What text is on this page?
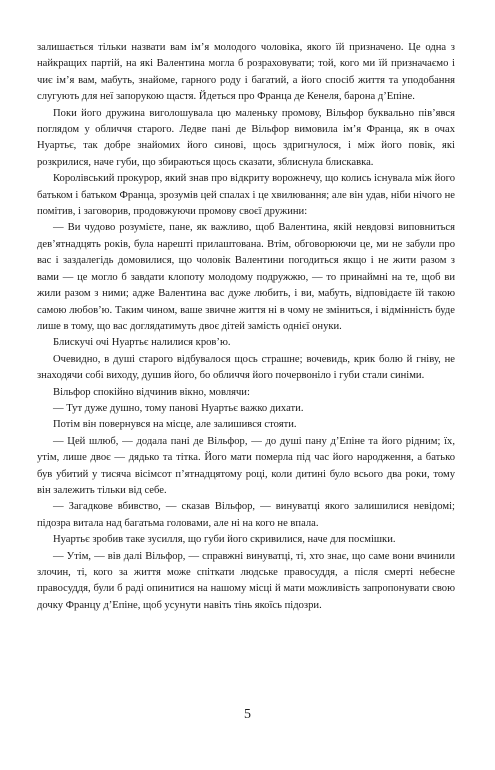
залишається тільки назвати вам ім’я молодого чоловіка, якого їй призначено. Це одна з найкращих партій, на які Валентина могла б розраховувати; той, кого ми їй призначаємо і чиє ім’я вам, мабуть, знайоме, гарного роду і багатий, а його спосіб життя та уподобання слугують для неї запорукою щастя. Йдеться про Франца де Кенеля, барона д’Епіне.

Поки його дружина виголошувала цю маленьку промову, Вільфор буквально пів’явся поглядом у обличчя старого. Ледве пані де Вільфор вимовила ім’я Франца, як в очах Нуартьє, так добре знайомих його синові, щось здригнулося, і між його повік, які розкрилися, наче губи, що збираються щось сказати, зблиснула блискавка.

Королівський прокурор, який знав про відкриту ворожнечу, що колись існувала між його батьком і батьком Франца, зрозумів цей спалах і це хвилювання; але він удав, ніби нічого не помітив, і заговорив, продовжуючи промову своєї дружини:

— Ви чудово розумієте, пане, як важливо, щоб Валентина, якій невдовзі виповниться дев’ятнадцять років, була нарешті прилаштована. Втім, обговорюючи це, ми не забули про вас і заздалегідь домовилися, що чоловік Валентини погодиться якщо і не жити разом з вами — це могло б завдати клопоту молодому подружжю, — то принаймні на те, щоб ви жили разом з ними; адже Валентина вас дуже любить, і ви, мабуть, відповідаєте їй такою самою любов’ю. Таким чином, ваше звичне життя ні в чому не зміниться, і відмінність буде лише в тому, що вас доглядатимуть двоє дітей замість однієї онуки.

Блискучі очі Нуартьє налилися кров’ю.

Очевидно, в душі старого відбувалося щось страшне; вочевидь, крик болю й гніву, не знаходячи собі виходу, душив його, бо обличчя його почервоніло і губи стали синіми.

Вільфор спокійно відчинив вікно, мовлячи:

— Тут дуже душно, тому панові Нуартьє важко дихати.

Потім він повернувся на місце, але залишився стояти.

— Цей шлюб, — додала пані де Вільфор, — до душі пану д’Епіне та його рідним; їх, утім, лише двоє — дядько та тітка. Його мати померла під час його народження, а батько був убитий у тисяча вісімсот п’ятнадцятому році, коли дитині було всього два роки, тому він залежить тільки від себе.

— Загадкове вбивство, — сказав Вільфор, — винуватці якого залишилися невідомі; підозра витала над багатьма головами, але ні на кого не впала.

Нуартьє зробив таке зусилля, що губи його скривилися, наче для посмішки.

— Утім, — вів далі Вільфор, — справжні винуватці, ті, хто знає, що саме вони вчинили злочин, ті, кого за життя може спіткати людське правосуддя, а після смерті небесне правосуддя, були б раді опинитися на нашому місці й мати можливість запропонувати свою дочку Францу д’Епіне, щоб усунути навіть тінь якоїсь підозри.

5
